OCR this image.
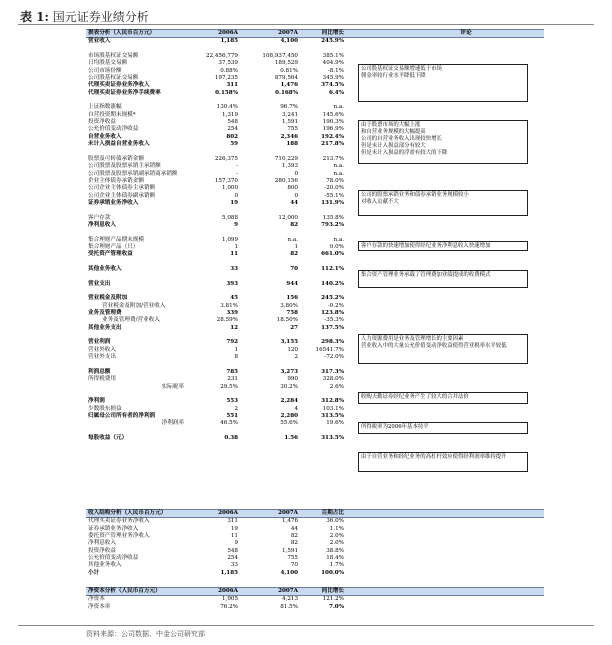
表 1: 国元证券业绩分析
损表分析（人民币百万元）	2006A	2007A	同比增长	评论
营业收入	1,185	4,100	245.9%
市场股基权证交易额	22,456,779	108,937,450	385.1%
日均股基交易额	37,539	189,529	404.9%
公司市场份额	0.88%	0.81%	-8.1%
公司股基权证交易额	197,235	879,564	345.9%
代理买卖证券业务净收入	311	1,476	374.5%
代理买卖证券业务净手续费率	0.158%	0.168%	6.4%
上证指数涨幅	130.4%	96.7%	n.a.
自营投资期末规模*	1,319	3,241	145.6%
投资净收益	548	1,591	190.3%
公允价值变动净收益	254	755	196.9%
自营业务收入	802	2,346	192.4%
未计入损益自营业务收入	59	188	217.8%
股票及可转债承销金额	226,375	710,229	213.7%
公司股票及股票承销主承销额	-	1,393	n.a.
公司股票及股票承销副承销商承销额	-	0	n.a.
企业主体债券承销金额	157,370	280,156	78.0%
公司企业主体债券主承销额	1,000	800	-20.0%
公司企业主体债券副承销额	0	0	-55.1%
证券承销业务净收入	19	44	131.9%
客户存款	5,088	12,000	135.8%
净利息收入	9	82	793.2%
集合理财产品期末规模	1,099	n.a.	n.a.
集合理财产品（只）	1	1	0.0%
受托资产管理收益	11	82	661.0%
其他业务收入	33	70	112.1%
营业支出	393	944	140.2%
营业税金及附加	45	156	245.2%
营业税金及附加/营业收入	3.81%	3.80%	-0.2%
业务及管理费	339	758	123.8%
业务及管理费/营业收入	28.59%	18.50%	-35.3%
其他业务支出	12	27	137.5%
营业利润	792	3,155	298.3%
营业外收入	1	120	16541.7%
营业外支出	8	2	-72.0%
利润总额	785	3,273	317.3%
所得税费用	231	990	328.0%
实际税率	29.5%	30.2%	2.6%
净利润	553	2,284	312.8%
少数股东损益	2	4	103.1%
归属母公司所有者的净利润	551	2,280	313.5%
净利润率	46.5%	55.6%	19.6%
每股收益（元）	0.38	1.56	313.5%
收入结构分析（人民币百万元）	2006A	2007A	百期占比
代理买卖证券业务净收入	311	1,476	36.0%
证券承销业务净收入	19	44	1.1%
委托资产管理业务净收入	11	82	2.0%
净利息收入	9	82	2.0%
投资净收益	548	1,591	38.8%
公允价值变动净收益	254	755	18.4%
其他业务收入	33	70	1.7%
小计	1,185	4,100	100.0%
净资本分析（人民币百万元）	2006A	2007A	同比增长
净资本	1,905	4,213	121.2%
净资本率	76.2%	81.5%	7.0%
公司股基权证交易额增速低于市场
佣金率较行业水平降低下降
由于股票市场的大幅上涨
和自营业务规模的大幅提高
公司的自营业务收入出现较快增长
但是未计入损益部分有较大
但是未计入损益的浮盈有较大的下降
公司的股票承销业务和债券承销业务规模较小
对收入贡献不大
客户存款的快速增加使得经纪业务净利息收入快速增加
集合资产管理业务承载了管理费加业绩提成的收费模式
人力资源费用是业务及管理增长的主要因素
营业收入中的大量公允价值变动净收益使得营业税率水平较低
收购天勤证券经纪业务产生了较大的合并法价
所得税率为2006年基本持平
由于自营业务和经纪业务的高杠杆效应使得经利润率维持提升
资料来源：公司数据、中金公司研究部
